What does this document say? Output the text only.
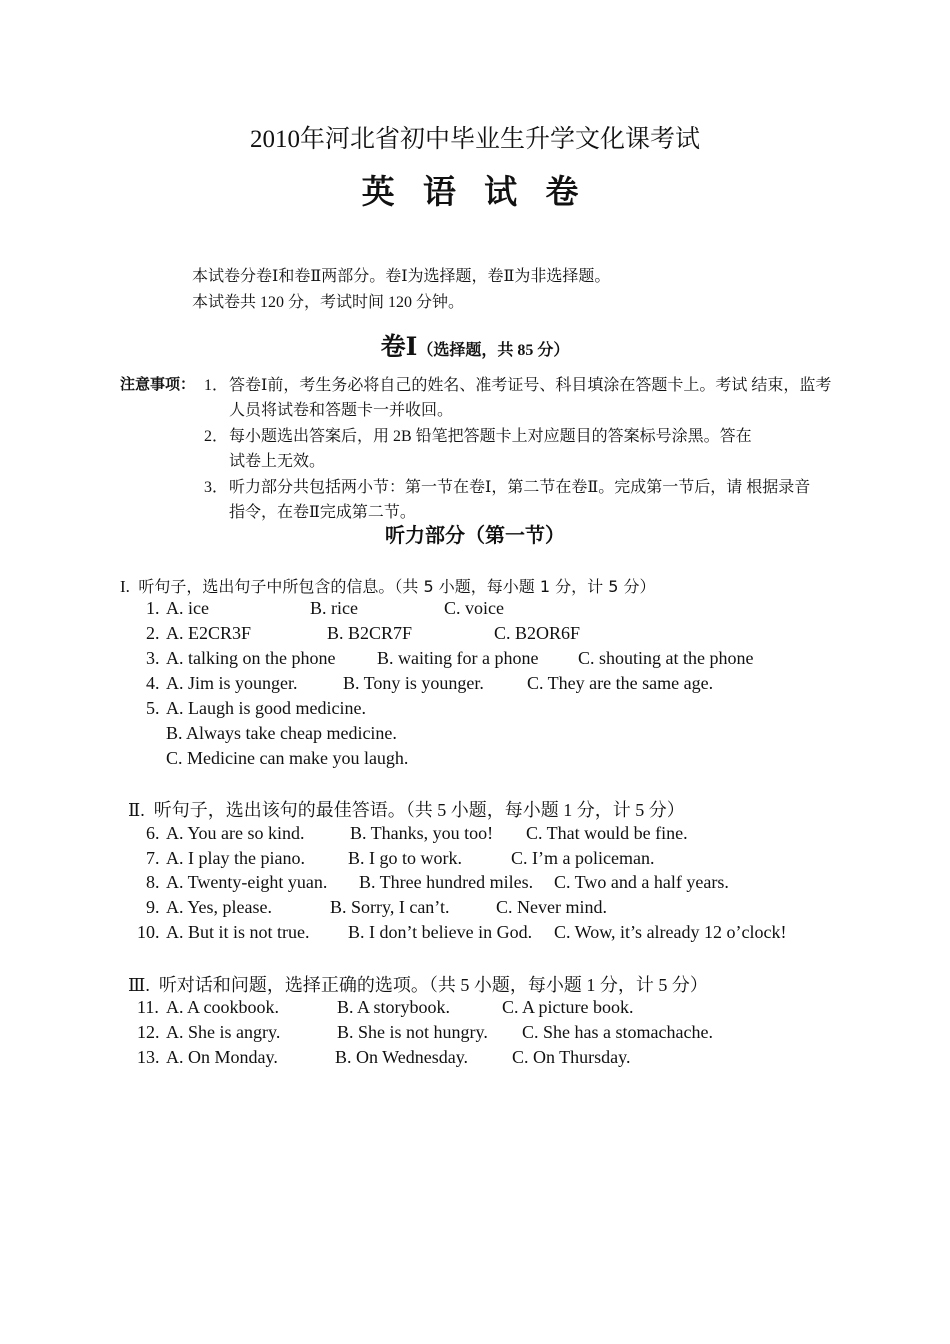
2010年河北省初中毕业生升学文化课考试
英 语 试 卷
本试卷分卷Ⅰ和卷Ⅱ两部分。卷Ⅰ为选择题，卷Ⅱ为非选择题。
本试卷共 120 分，考试时间 120 分钟。
卷Ⅰ（选择题，共 85 分）
注意事项： 1． 答卷Ⅰ前，考生务必将自己的姓名、准考证号、科目填涂在答题卡上。考试 结束，监考
人员将试卷和答题卡一并收回。
2． 每小题选出答案后，用 2B 铅笔把答题卡上对应题目的答案标号涂黑。答在
试卷上无效。
3． 听力部分共包括两小节：第一节在卷Ⅰ，第二节在卷Ⅱ。完成第一节后，请 根据录音
指令，在卷Ⅱ完成第二节。
听力部分（第一节）
I. 听句子，选出句子中所包含的信息。（共 5 小题，每小题 1 分，计 5 分）
1. A. ice	B. rice	C. voice
2. A. E2CR3F	B. B2CR7F	C. B2OR6F
3. A. talking on the phone B. waiting for a phone C. shouting at the phone
4. A. Jim is younger.	B. Tony is younger. C. They are the same age.
5. A. Laugh is good medicine.
B. Always take cheap medicine.
C. Medicine can make you laugh.
Ⅱ. 听句子，选出该句的最佳答语。（共 5 小题，每小题 1 分，计 5 分）
6. A. You are so kind.	B. Thanks, you too! C. That would be fine.
7. A. I play the piano. B. I go to work.	C. I’m a policeman.
8. A. Twenty-eight yuan. B. Three hundred miles. C. Two and a half years.
9. A. Yes, please.	B. Sorry, I can’t.	C. Never mind.
10. A. But it is not true. B. I don’t believe in God. C. Wow, it’s already 12 o’clock!
Ⅲ. 听对话和问题，选择正确的选项。（共 5 小题，每小题 1 分，计 5 分）
11. A. A cookbook.	B. A storybook.	C. A picture book.
12. A. She is angry.	B. She is not hungry. C. She has a stomachache.
13. A. On Monday.	B. On Wednesday. C. On Thursday.
